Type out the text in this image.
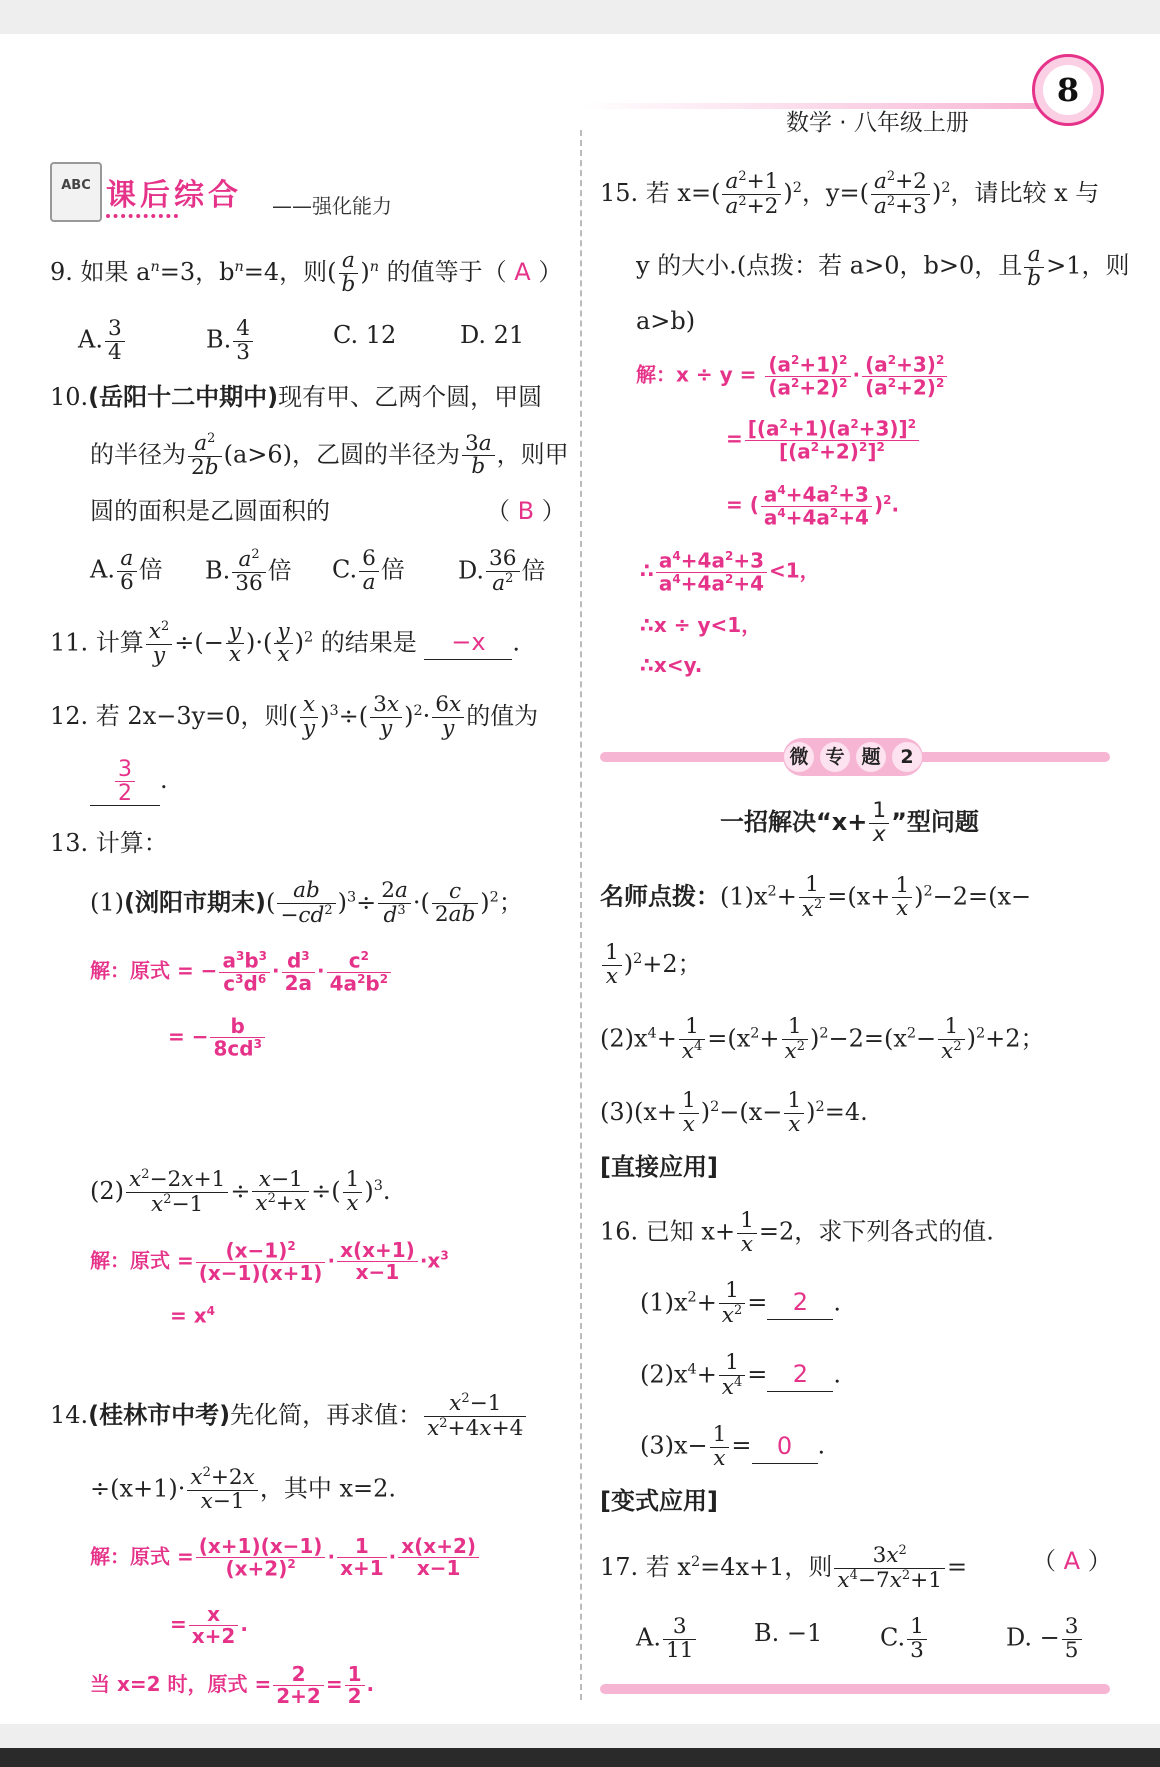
数学 · 八年级上册
8
ABC 课后综合 ——强化能力
9. 如果 $a^n=3$，$b^n=4$，则( $\frac{a}{b} )^n$ 的值等于（ A ）
A. $\frac{3}{4}$	B. $\frac{4}{3}$	C. 12	D. 21
10.(岳阳十二中期中)现有甲、乙两个圆，甲圆
的半径为 $\frac{a^2}{2b} (a>6)$，乙圆的半径为 $\frac{3a}{b}$ ，则甲
圆的面积是乙圆面积的	（ B ）
A. $\frac{a}{6}$ 倍 B. $\frac{a^2}{36}$ 倍 C. $\frac{6}{a}$ 倍 D. $\frac{36}{a^2}$ 倍
11. 计算 $\frac{x^2}{y}$ ÷(− $\frac{y}{x}$ )·( $\frac{y}{x} )^2$ 的结果是 −x .
12. 若 2x−3y=0，则( $\frac{x}{y} )^3\div( \frac{3x}{y} )^2\cdot \frac{6x}{y}$ 的值为
$\frac{3}{2}$ .
13. 计算：
(1)(浏阳市期末)( $\frac{ab}{-cd^2} )^3\div \frac{2a}{d^3}$ ·( $\frac{c}{2ab} )^2$；
解：原式 = − $\frac{a^3b^3}{c^3d^6} \cdot \frac{d^3}{2a} \cdot \frac{c^2}{4a^2b^2}$
= − $\frac{b}{8cd^3}$
$(2) \frac{x^2-2x+1}{x^2-1} \div \frac{x-1}{x^2+x}$ ÷( $\frac{1}{x} )^3$.
解：原式 = $\frac{(x-1)^2}{(x-1)(x+1)} \cdot \frac{x(x+1)}{x-1} \cdot x^3$
= $x^4$
14.(桂林市中考)先化简，再求值： $\frac{x^2-1}{x^2+4x+4}$
$\div(x+1)\cdot \frac{x^2+2x}{x-1}$ ，其中 x=2.
解：原式 = $\frac{(x+1)(x-1)}{(x+2)^2} \cdot \frac{1}{x+1} \cdot \frac{x(x+2)}{x-1}$
= $\frac{x}{x+2}$ .
当 x=2 时，原式 = $\frac{2}{2+2} = \frac{1}{2}$ .
15. 若 $x=( \frac{a^2+1}{a^2+2} )^2$，$y=( \frac{a^2+2}{a^2+3} )^2$，请比较 x 与
y 的大小.(点拨：若 a>0，b>0，且 $\frac{a}{b} >1$，则
a>b)
解：$x \div y = \frac{(a^2+1)^2}{(a^2+2)^2} \cdot \frac{(a^2+3)^2}{(a^2+2)^2}$
= $\frac{[(a^2+1)(a^2+3)]^2}{[(a^2+2)^2]^2}$
= ( $\frac{a^4+4a^2+3}{a^4+4a^2+4} )^2$.
∴ $\frac{a^4+4a^2+3}{a^4+4a^2+4} <1$，
∴x ÷ y<1，
∴x<y.
微 专 题	2
一招解决“$x+ \frac{1}{x}$ ”型问题
名师点拨：$(1)x^2+ \frac{1}{x^2} =(x+ \frac{1}{x} )^2-2=(x-$
$\frac{1}{x} )^2+2$；
$(2)x^4+ \frac{1}{x^4} =(x^2+ \frac{1}{x^2} )^2-2=(x^2- \frac{1}{x^2} )^2+2$；
$(3)(x+ \frac{1}{x} )^2-(x- \frac{1}{x} )^2=4$.
[直接应用]
16. 已知 $x+ \frac{1}{x} =2$，求下列各式的值.
$(1)x^2+ \frac{1}{x^2} = 2$ .
$(2)x^4+ \frac{1}{x^4} = 2$ .
$(3)x- \frac{1}{x} = 0$ .
[变式应用]
17. 若 $x^2=4x+1$，则 $\frac{3x^2}{x^4-7x^2+1}$ =	（ A ）
A. $\frac{3}{11} B$. −1 C. $\frac{1}{3}$	D. − $\frac{3}{5}$
